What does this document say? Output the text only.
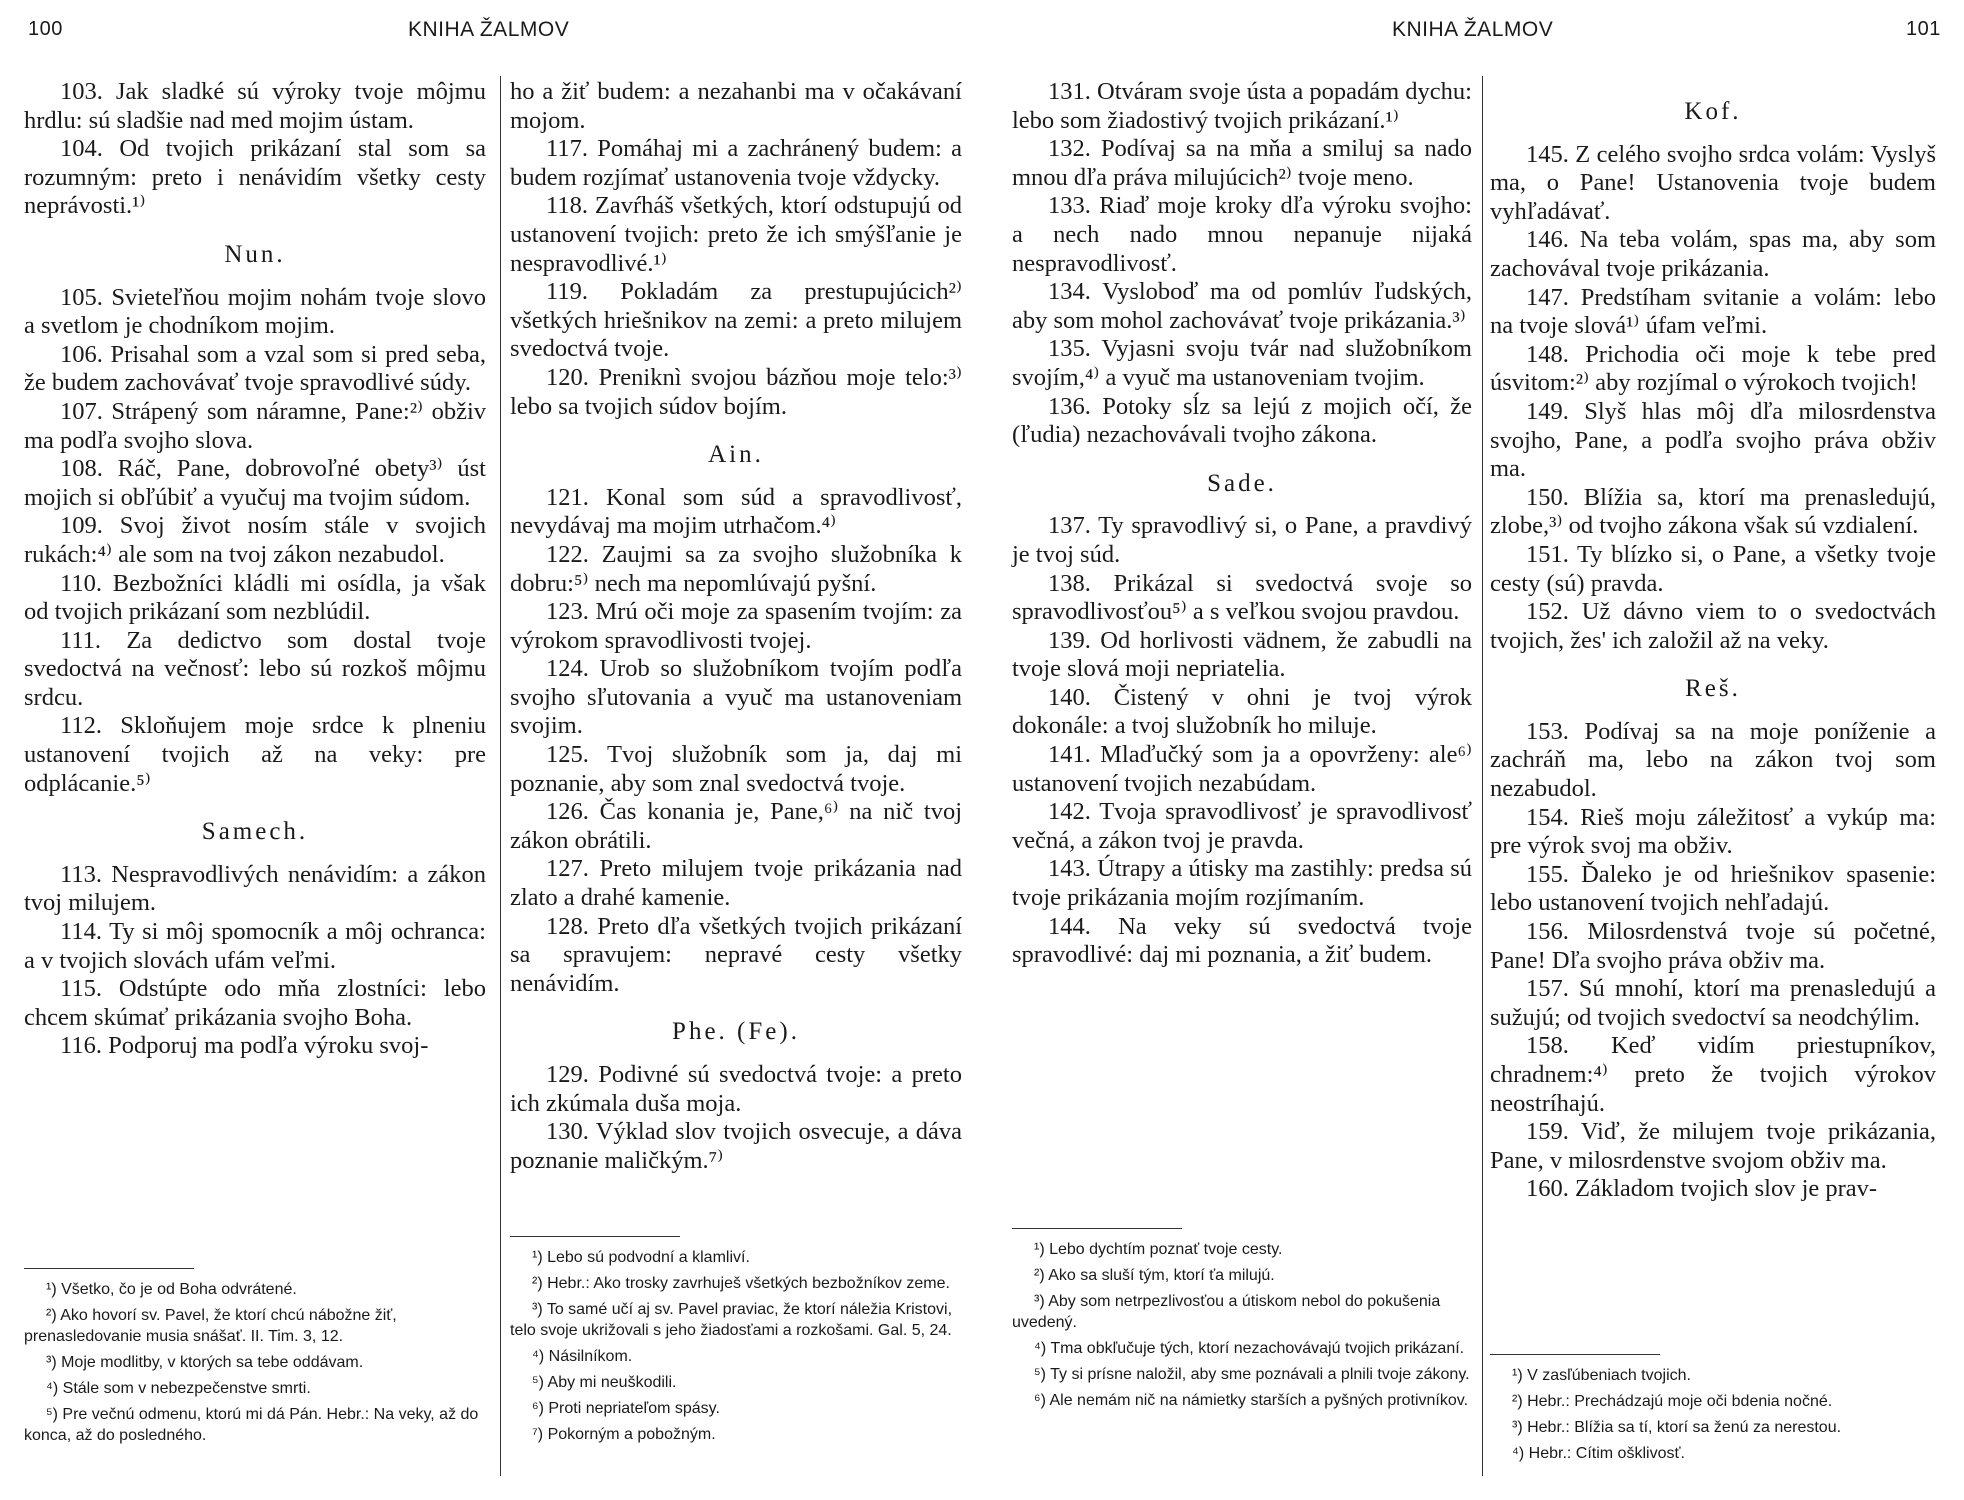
100	KNIHA ŽALMOV

103. Jak sladké sú výroky tvoje môjmu hrdlu: sú sladšie nad med mojim ústam.

104. Od tvojich prikázaní stal som sa rozumným: preto i nenávidím všetky cesty neprávosti.¹⁾

Nun.

105. Svieteľňou mojim nohám tvoje slovo a svetlom je chodníkom mojim.

106. Prisahal som a vzal som si pred seba, že budem zachovávať tvoje spravodlivé súdy.

107. Strápený som náramne, Pane:²⁾ obživ ma podľa svojho slova.

108. Ráč, Pane, dobrovoľné obety³⁾ úst mojich si obľúbiť a vyučuj ma tvojim súdom.

109. Svoj život nosím stále v svojich rukách:⁴⁾ ale som na tvoj zákon nezabudol.

110. Bezbožníci kládli mi osídla, ja však od tvojich prikázaní som nezblúdil.

111. Za dedictvo som dostal tvoje svedoctvá na večnosť: lebo sú rozkoš môjmu srdcu.

112. Skloňujem moje srdce k plneniu ustanovení tvojich až na veky: pre odplácanie.⁵⁾

Samech.

113. Nespravodlivých nenávidím: a zákon tvoj milujem.

114. Ty si môj spomocník a môj ochranca: a v tvojich slovách ufám veľmi.

115. Odstúpte odo mňa zlostníci: lebo chcem skúmať prikázania svojho Boha.

116. Podporuj ma podľa výroku svoj-

ho a žiť budem: a nezahanbi ma v očakávaní mojom.

117. Pomáhaj mi a zachránený budem: a budem rozjímať ustanovenia tvoje vždycky.

118. Zavŕháš všetkých, ktorí odstupujú od ustanovení tvojich: preto že ich smýšľanie je nespravodlivé.¹⁾

119. Pokladám za prestupujúcich²⁾ všetkých hriešnikov na zemi: a preto milujem svedoctvá tvoje.

120. Preniknì svojou bázňou moje telo:³⁾ lebo sa tvojich súdov bojím.

Ain.

121. Konal som súd a spravodlivosť, nevydávaj ma mojim utrhačom.⁴⁾

122. Zaujmi sa za svojho služobníka k dobru:⁵⁾ nech ma nepomlúvajú pyšní.

123. Mrú oči moje za spasením tvojím: za výrokom spravodlivosti tvojej.

124. Urob so služobníkom tvojím podľa svojho sľutovania a vyuč ma ustanoveniam svojim.

125. Tvoj služobník som ja, daj mi poznanie, aby som znal svedoctvá tvoje.

126. Čas konania je, Pane,⁶⁾ na nič tvoj zákon obrátili.

127. Preto milujem tvoje prikázania nad zlato a drahé kamenie.

128. Preto dľa všetkých tvojich prikázaní sa spravujem: nepravé cesty všetky nenávidím.

Phe. (Fe).

129. Podivné sú svedoctvá tvoje: a preto ich zkúmala duša moja.

130. Výklad slov tvojich osvecuje, a dáva poznanie maličkým.⁷⁾

¹) Všetko, čo je od Boha odvrátené.

²) Ako hovorí sv. Pavel, že ktorí chcú nábožne žiť, prenasledovanie musia snášať. II. Tim. 3, 12.

³) Moje modlitby, v ktorých sa tebe oddávam.

⁴) Stále som v nebezpečenstve smrti.

⁵) Pre večnú odmenu, ktorú mi dá Pán. Hebr.: Na veky, až do konca, až do posledného.

¹) Lebo sú podvodní a klamliví.

²) Hebr.: Ako trosky zavrhuješ všetkých bezbožníkov zeme.

³) To samé učí aj sv. Pavel praviac, že ktorí náležia Kristovi, telo svoje ukrižovali s jeho žiadosťami a rozkošami. Gal. 5, 24.

⁴) Násilníkom.

⁵) Aby mi neuškodili.

⁶) Proti nepriateľom spásy.

⁷) Pokorným a pobožným.

KNIHA ŽALMOV	101

131. Otváram svoje ústa a popadám dychu: lebo som žiadostivý tvojich prikázaní.¹⁾

132. Podívaj sa na mňa a smiluj sa nado mnou dľa práva milujúcich²⁾ tvoje meno.

133. Riaď moje kroky dľa výroku svojho: a nech nado mnou nepanuje nijaká nespravodlivosť.

134. Vysloboď ma od pomlúv ľudských, aby som mohol zachovávať tvoje prikázania.³⁾

135. Vyjasni svoju tvár nad služobníkom svojím,⁴⁾ a vyuč ma ustanoveniam tvojim.

136. Potoky sĺz sa lejú z mojich očí, že (ľudia) nezachovávali tvojho zákona.

Sade.

137. Ty spravodlivý si, o Pane, a pravdivý je tvoj súd.

138. Prikázal si svedoctvá svoje so spravodlivosťou⁵⁾ a s veľkou svojou pravdou.

139. Od horlivosti vädnem, že zabudli na tvoje slová moji nepriatelia.

140. Čistený v ohni je tvoj výrok dokonále: a tvoj služobník ho miluje.

141. Mlaďučký som ja a opovrženy: ale⁶⁾ ustanovení tvojich nezabúdam.

142. Tvoja spravodlivosť je spravodlivosť večná, a zákon tvoj je pravda.

143. Útrapy a útisky ma zastihly: predsa sú tvoje prikázania mojím rozjímaním.

144. Na veky sú svedoctvá tvoje spravodlivé: daj mi poznania, a žiť budem.

Kof.

145. Z celého svojho srdca volám: Vyslyš ma, o Pane! Ustanovenia tvoje budem vyhľadávať.

146. Na teba volám, spas ma, aby som zachovával tvoje prikázania.

147. Predstíham svitanie a volám: lebo na tvoje slová¹⁾ úfam veľmi.

148. Prichodia oči moje k tebe pred úsvitom:²⁾ aby rozjímal o výrokoch tvojich!

149. Slyš hlas môj dľa milosrdenstva svojho, Pane, a podľa svojho práva obživ ma.

150. Blížia sa, ktorí ma prenasledujú, zlobe,³⁾ od tvojho zákona však sú vzdialení.

151. Ty blízko si, o Pane, a všetky tvoje cesty (sú) pravda.

152. Už dávno viem to o svedoctvách tvojich, žes' ich založil až na veky.

Reš.

153. Podívaj sa na moje poníženie a zachráň ma, lebo na zákon tvoj som nezabudol.

154. Rieš moju záležitosť a vykúp ma: pre výrok svoj ma obživ.

155. Ďaleko je od hriešnikov spasenie: lebo ustanovení tvojich nehľadajú.

156. Milosrdenstvá tvoje sú početné, Pane! Dľa svojho práva obživ ma.

157. Sú mnohí, ktorí ma prenasledujú a sužujú; od tvojich svedoctví sa neodchýlim.

158. Keď vidím priestupníkov, chradnem:⁴⁾ preto že tvojich výrokov neostríhajú.

159. Viď, že milujem tvoje prikázania, Pane, v milosrdenstve svojom obživ ma.

160. Základom tvojich slov je prav-

¹) Lebo dychtím poznať tvoje cesty.

²) Ako sa sluší tým, ktorí ťa milujú.

³) Aby som netrpezlivosťou a útiskom nebol do pokušenia uvedený.

⁴) Tma obkľučuje tých, ktorí nezachovávajú tvojich prikázaní.

⁵) Ty si prísne naložil, aby sme poznávali a plnili tvoje zákony.

⁶) Ale nemám nič na námietky starších a pyšných protivníkov.

¹) V zasľúbeniach tvojich.

²) Hebr.: Prechádzajú moje oči bdenia nočné.

³) Hebr.: Blížia sa tí, ktorí sa ženú za nerestou.

⁴) Hebr.: Cítim ošklivosť.
